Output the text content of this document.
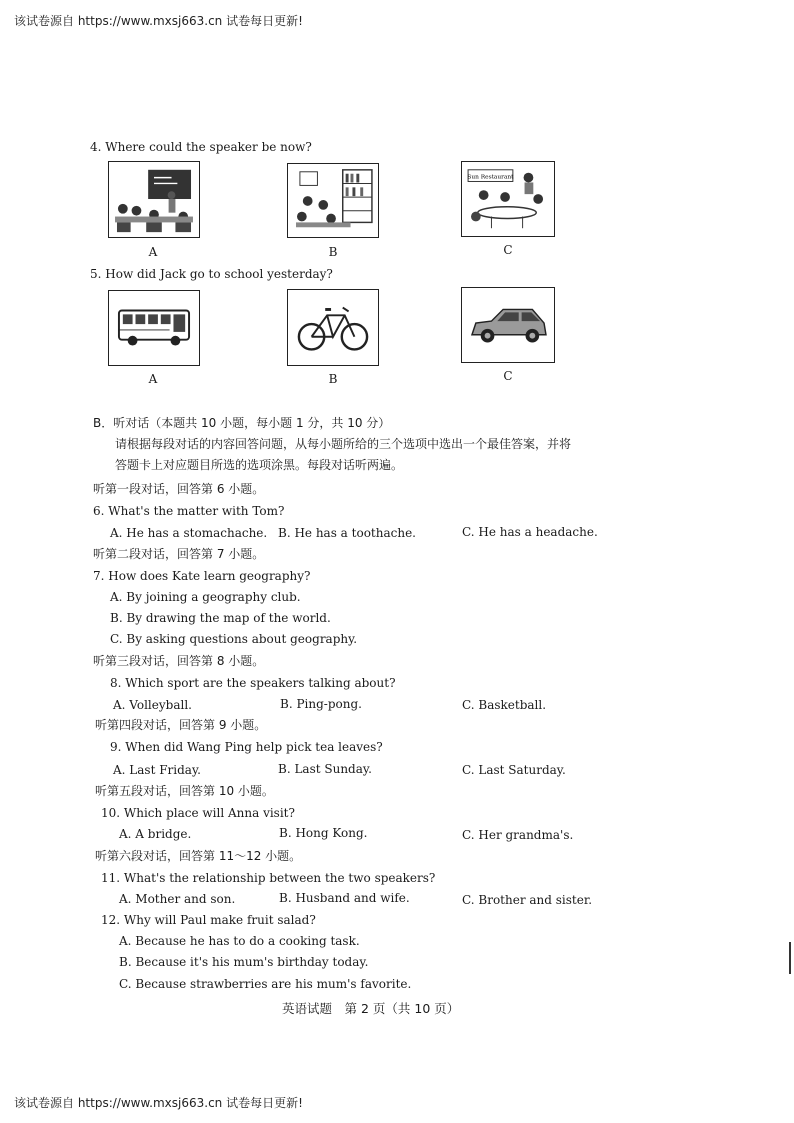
该试卷源自 https://www.mxsj663.cn 试卷每日更新!
4. Where could the speaker be now?
Sun Restaurant
A	B	C
5. How did Jack go to school yesterday?
A	B	C
B．听对话（本题共 10 小题，每小题 1 分，共 10 分）
请根据每段对话的内容回答问题，从每小题所给的三个选项中选出一个最佳答案，并将
答题卡上对应题目所选的选项涂黑。每段对话听两遍。
听第一段对话，回答第 6 小题。
6. What's the matter with Tom?
A. He has a stomachache. B. He has a toothache.	C. He has a headache.
听第二段对话，回答第 7 小题。
7. How does Kate learn geography?
A. By joining a geography club.
B. By drawing the map of the world.
C. By asking questions about geography.
听第三段对话，回答第 8 小题。
8. Which sport are the speakers talking about?
A. Volleyball.	B. Ping-pong.	C. Basketball.
听第四段对话，回答第 9 小题。
9. When did Wang Ping help pick tea leaves?
A. Last Friday.	B. Last Sunday.	C. Last Saturday.
听第五段对话，回答第 10 小题。
10. Which place will Anna visit?
A. A bridge.	B. Hong Kong.	C. Her grandma's.
听第六段对话，回答第 11～12 小题。
11. What's the relationship between the two speakers?
A. Mother and son.	B. Husband and wife.	C. Brother and sister.
12. Why will Paul make fruit salad?
A. Because he has to do a cooking task.
B. Because it's his mum's birthday today.
C. Because strawberries are his mum's favorite.
英语试题　第 2 页（共 10 页）
该试卷源自 https://www.mxsj663.cn 试卷每日更新!
